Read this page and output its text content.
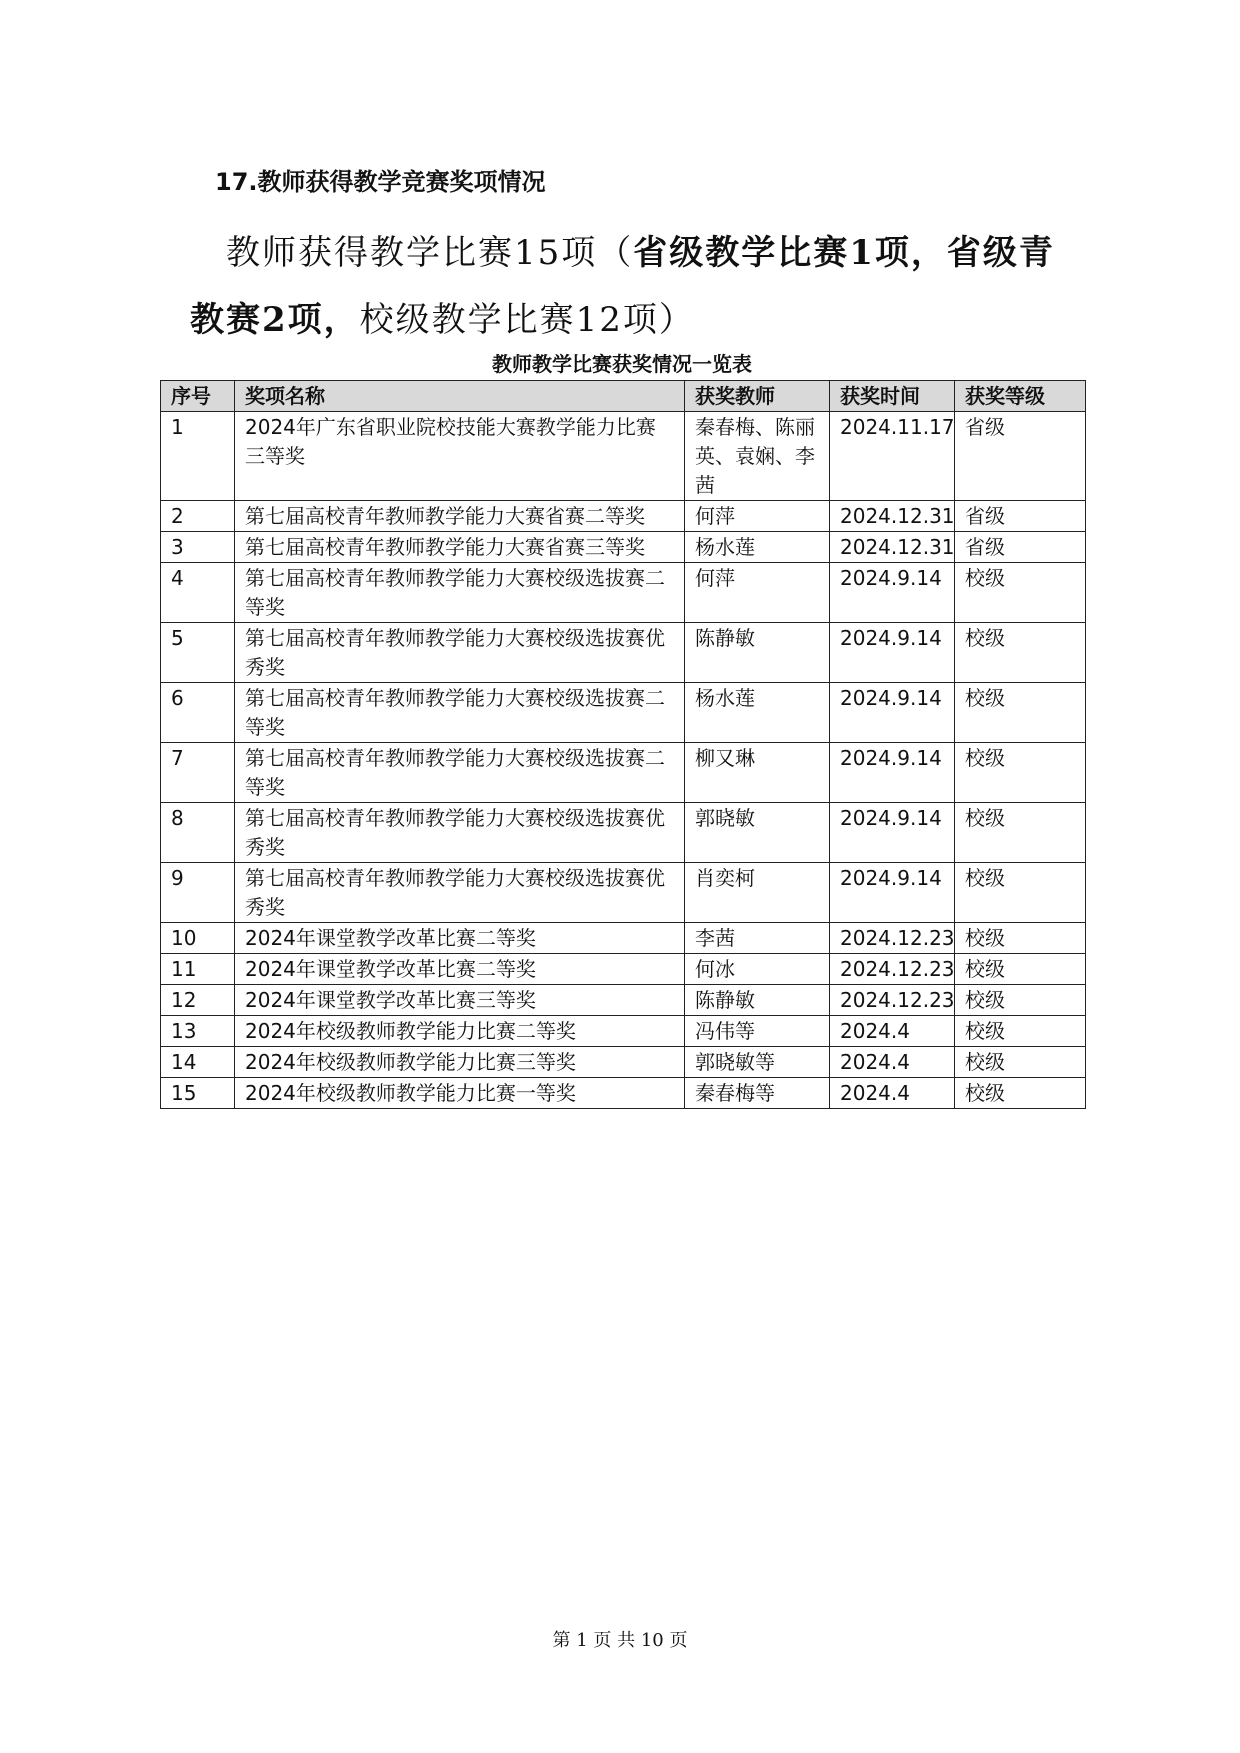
17.教师获得教学竞赛奖项情况
教师获得教学比赛15项（省级教学比赛1项，省级青教赛2项，校级教学比赛12项）
教师教学比赛获奖情况一览表
序号	奖项名称	获奖教师	获奖时间	获奖等级
1	2024年广东省职业院校技能大赛教学能力比赛三等奖	秦春梅、陈丽英、袁娴、李茜	2024.11.17	省级
2	第七届高校青年教师教学能力大赛省赛二等奖	何萍	2024.12.31	省级
3	第七届高校青年教师教学能力大赛省赛三等奖	杨水莲	2024.12.31	省级
4	第七届高校青年教师教学能力大赛校级选拔赛二等奖	何萍	2024.9.14	校级
5	第七届高校青年教师教学能力大赛校级选拔赛优秀奖	陈静敏	2024.9.14	校级
6	第七届高校青年教师教学能力大赛校级选拔赛二等奖	杨水莲	2024.9.14	校级
7	第七届高校青年教师教学能力大赛校级选拔赛二等奖	柳又琳	2024.9.14	校级
8	第七届高校青年教师教学能力大赛校级选拔赛优秀奖	郭晓敏	2024.9.14	校级
9	第七届高校青年教师教学能力大赛校级选拔赛优秀奖	肖奕柯	2024.9.14	校级
10	2024年课堂教学改革比赛二等奖	李茜	2024.12.23	校级
11	2024年课堂教学改革比赛二等奖	何冰	2024.12.23	校级
12	2024年课堂教学改革比赛三等奖	陈静敏	2024.12.23	校级
13	2024年校级教师教学能力比赛二等奖	冯伟等	2024.4	校级
14	2024年校级教师教学能力比赛三等奖	郭晓敏等	2024.4	校级
15	2024年校级教师教学能力比赛一等奖	秦春梅等	2024.4	校级
第 1 页 共 10 页
